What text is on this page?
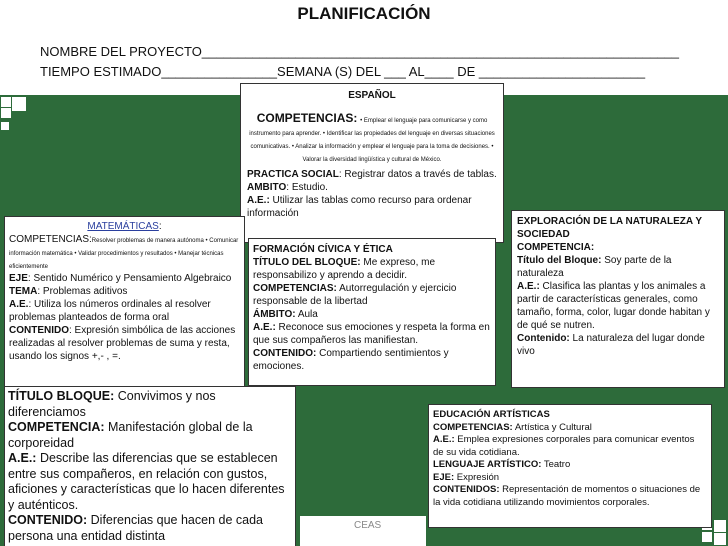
PLANIFICACIÓN
NOMBRE DEL PROYECTO__________________________________________________________________
TIEMPO ESTIMADO________________SEMANA (S) DEL ___ AL____ DE _______________________

ESPAÑOL

COMPETENCIAS: • Emplear el lenguaje para comunicarse y como instrumento para aprender. • Identificar las propiedades del lenguaje en diversas situaciones comunicativas. • Analizar la información y emplear el lenguaje para la toma de decisiones. • Valorar la diversidad lingüística y cultural de México.

PRACTICA SOCIAL: Registrar datos a través de tablas.

AMBITO: Estudio.

A.E.: Utilizar las tablas como recurso para ordenar información

MATEMÁTICAS:

COMPETENCIAS:Resolver problemas de manera autónoma • Comunicar información matemática • Validar procedimientos y resultados • Manejar técnicas eficientemente

EJE: Sentido Numérico y Pensamiento Algebraico

TEMA: Problemas aditivos

A.E.: Utiliza los números ordinales al resolver problemas planteados de forma oral

CONTENIDO: Expresión simbólica de las acciones realizadas al resolver problemas de suma y resta, usando los signos +,- , =.

FORMACIÓN CÍVICA Y ÉTICA

TÍTULO DEL BLOQUE: Me expreso, me responsabilizo y aprendo a decidir.

COMPETENCIAS: Autorregulación y ejercicio responsable de la libertad

ÁMBITO: Aula

A.E.: Reconoce sus emociones y respeta la forma en que sus compañeros las manifiestan.

CONTENIDO: Compartiendo sentimientos y emociones.

EXPLORACIÓN DE LA NATURALEZA Y SOCIEDAD

COMPETENCIA:

Título del Bloque: Soy parte de la naturaleza

A.E.: Clasifica las plantas y los animales a partir de características generales, como tamaño, forma, color, lugar donde habitan y de qué se nutren.

Contenido: La naturaleza del lugar donde vivo

TÍTULO BLOQUE: Convivimos y nos diferenciamos

COMPETENCIA: Manifestación global de la corporeidad

A.E.: Describe las diferencias que se establecen entre sus compañeros, en relación con gustos, aficiones y características que lo hacen diferentes y auténticos.

CONTENIDO: Diferencias que hacen de cada persona una entidad distinta

EDUCACIÓN ARTÍSTICAS

COMPETENCIAS: Artística y Cultural

A.E.: Emplea expresiones corporales para comunicar eventos de su vida cotidiana.

LENGUAJE ARTÍSTICO: Teatro

EJE: Expresión

CONTENIDOS: Representación de momentos o situaciones de la vida cotidiana utilizando movimientos corporales.

CEAS
